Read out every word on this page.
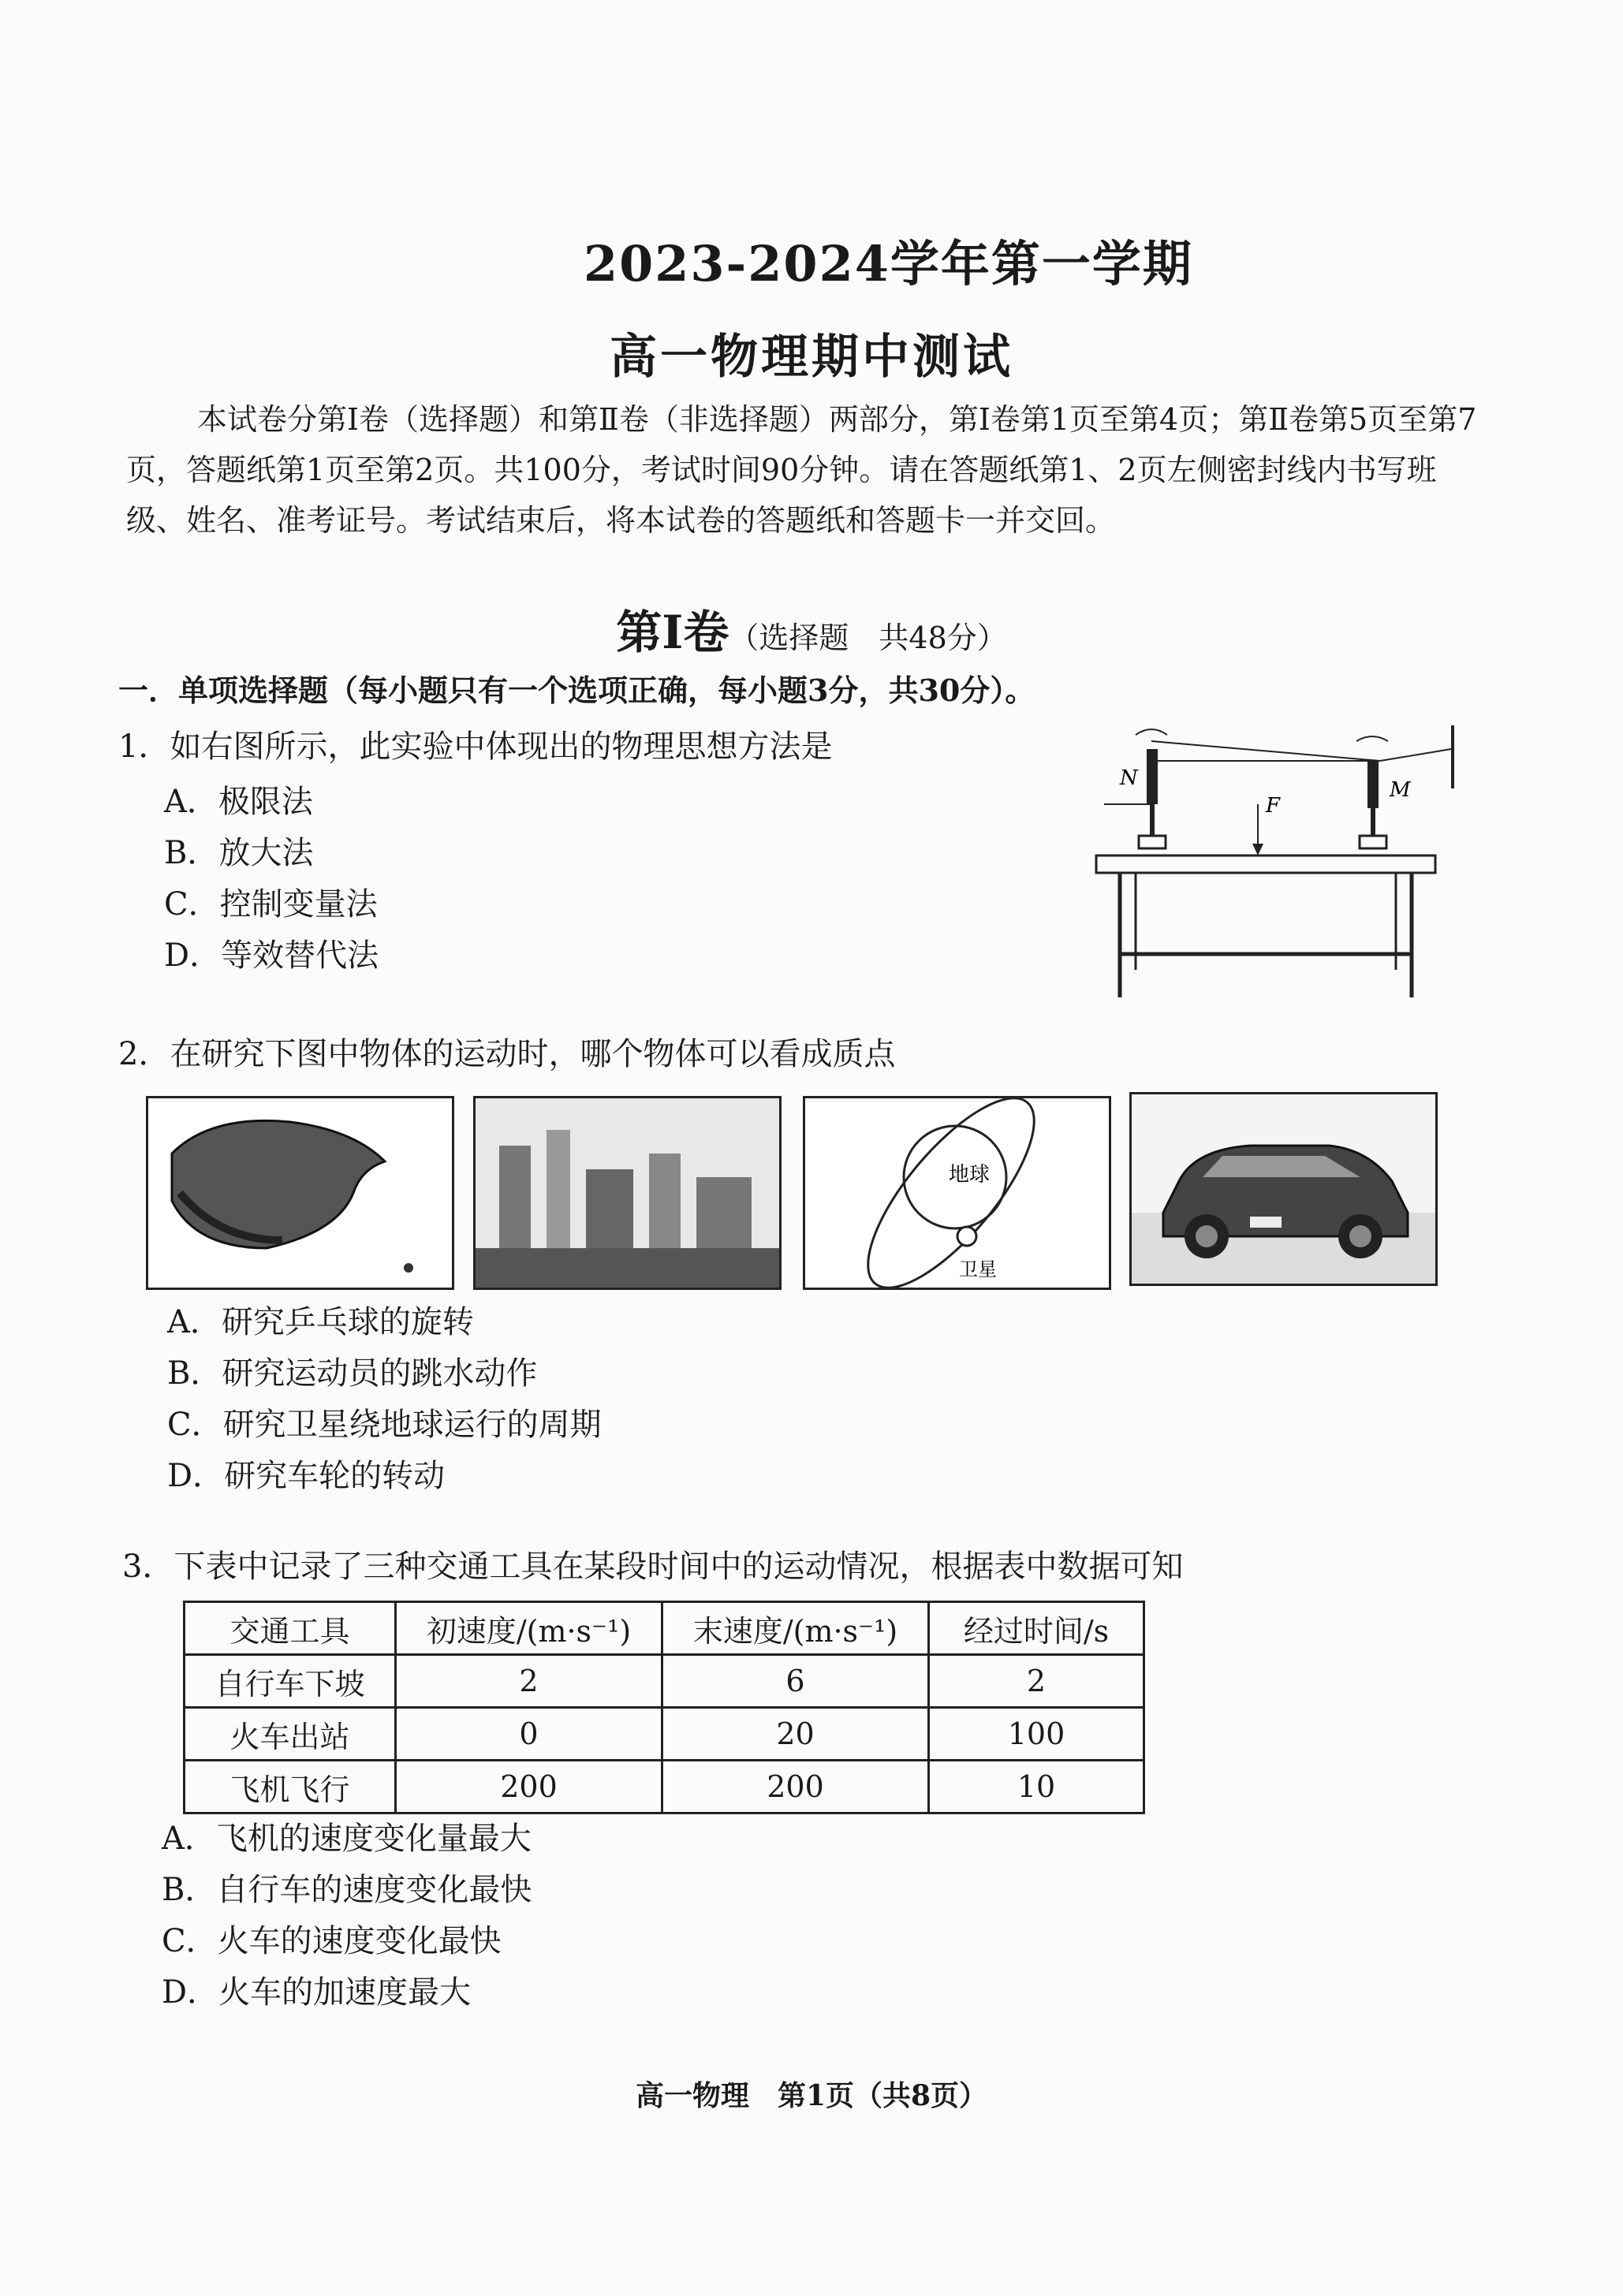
2023-2024学年第一学期
高一物理期中测试
本试卷分第Ⅰ卷（选择题）和第Ⅱ卷（非选择题）两部分，第Ⅰ卷第1页至第4页；第Ⅱ卷第5页至第7页，答题纸第1页至第2页。共100分，考试时间90分钟。请在答题纸第1、2页左侧密封线内书写班级、姓名、准考证号。考试结束后，将本试卷的答题纸和答题卡一并交回。
第Ⅰ卷（选择题　共48分）
一．单项选择题（每小题只有一个选项正确，每小题3分，共30分）。
1．如右图所示，此实验中体现出的物理思想方法是
A．极限法
B．放大法
C．控制变量法
D．等效替代法
N	M
F
2．在研究下图中物体的运动时，哪个物体可以看成质点
地球
卫星
A．研究乒乓球的旋转
B．研究运动员的跳水动作
C．研究卫星绕地球运行的周期
D．研究车轮的转动
3．下表中记录了三种交通工具在某段时间中的运动情况，根据表中数据可知
交通工具	初速度/(m·s⁻¹)	末速度/(m·s⁻¹)	经过时间/s
自行车下坡	2	6	2
火车出站	0	20	100
飞机飞行	200	200	10
A．飞机的速度变化量最大
B．自行车的速度变化最快
C．火车的速度变化最快
D．火车的加速度最大
高一物理　第1页（共8页）
